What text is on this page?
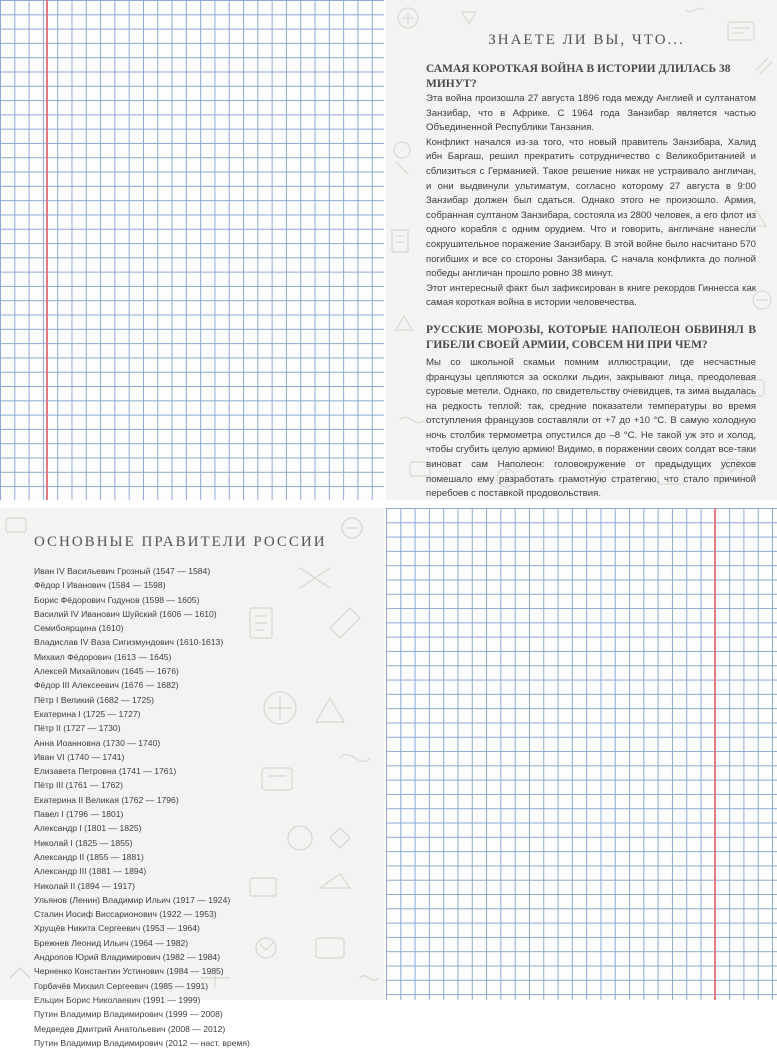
ЗНАЕТЕ ЛИ ВЫ, ЧТО...
САМАЯ КОРОТКАЯ ВОЙНА В ИСТОРИИ ДЛИЛАСЬ 38 МИНУТ?

Эта война произошла 27 августа 1896 года между Англией и султанатом Занзибар, что в Африке. С 1964 года Занзибар является частью Объединенной Республики Танзания.

Конфликт начался из-за того, что новый правитель Занзибара, Халид ибн Баргаш, решил прекратить сотрудничество с Великобританией и сблизиться с Германией. Такое решение никак не устраивало англичан, и они выдвинули ультиматум, согласно которому 27 августа в 9:00 Занзибар должен был сдаться. Однако этого не произошло. Армия, собранная султаном Занзибара, состояла из 2800 человек, а его флот из одного корабля с одним орудием. Что и говорить, англичане нанесли сокрушительное поражение Занзибару. В этой войне было насчитано 570 погибших и все со стороны Занзибара. С начала конфликта до полной победы англичан прошло ровно 38 минут.

Этот интересный факт был зафиксирован в книге рекордов Гиннесса как самая короткая война в истории человечества.

РУССКИЕ МОРОЗЫ, КОТОРЫЕ НАПОЛЕОН ОБВИНЯЛ В ГИБЕЛИ СВОЕЙ АРМИИ, СОВСЕМ НИ ПРИ ЧЕМ?

Мы со школьной скамьи помним иллюстрации, где несчастные французы цепляются за осколки льдин, закрывают лица, преодолевая суровые метели. Однако, по свидетельству очевидцев, та зима выдалась на редкость теплой: так, средние показатели температуры во время отступления французов составляли от +7 до +10 °С. В самую холодную ночь столбик термометра опустился до –8 °С. Не такой уж это и холод, чтобы сгубить целую армию! Видимо, в поражении своих солдат все-таки виноват сам Наполеон: головокружение от предыдущих успехов помешало ему разработать грамотную стратегию, что стало причиной перебоев с поставкой продовольствия.

ОСНОВНЫЕ ПРАВИТЕЛИ РОССИИ
Иван IV Васильевич Грозный (1547 — 1584)
Фёдор I Иванович (1584 — 1598)
Борис Фёдорович Годунов (1598 — 1605)
Василий IV Иванович Шуйский (1606 — 1610)
Семибоярщина (1610)
Владислав IV Ваза Сигизмундович (1610-1613)
Михаил Фёдорович (1613 — 1645)
Алексей Михайлович (1645 — 1676)
Фёдор III Алексеевич (1676 — 1682)
Пётр I Великий (1682 — 1725)
Екатерина I (1725 — 1727)
Пётр II (1727 — 1730)
Анна Иоанновна (1730 — 1740)
Иван VI (1740 — 1741)
Елизавета Петровна (1741 — 1761)
Пётр III (1761 — 1762)
Екатерина II Великая (1762 — 1796)
Павел I (1796 — 1801)
Александр I (1801 — 1825)
Николай I (1825 — 1855)
Александр II (1855 — 1881)
Александр III (1881 — 1894)
Николай II (1894 — 1917)
Ульянов (Ленин) Владимир Ильич (1917 — 1924)
Сталин Иосиф Виссарионович (1922 — 1953)
Хрущёв Никита Сергеевич (1953 — 1964)
Брежнев Леонид Ильич (1964 — 1982)
Андропов Юрий Владимирович (1982 — 1984)
Черненко Константин Устинович (1984 — 1985)
Горбачёв Михаил Сергеевич (1985 — 1991)
Ельцин Борис Николаевич (1991 — 1999)
Путин Владимир Владимирович (1999 — 2008)
Медведев Дмитрий Анатольевич (2008 — 2012)
Путин Владимир Владимирович (2012 — наст. время)
